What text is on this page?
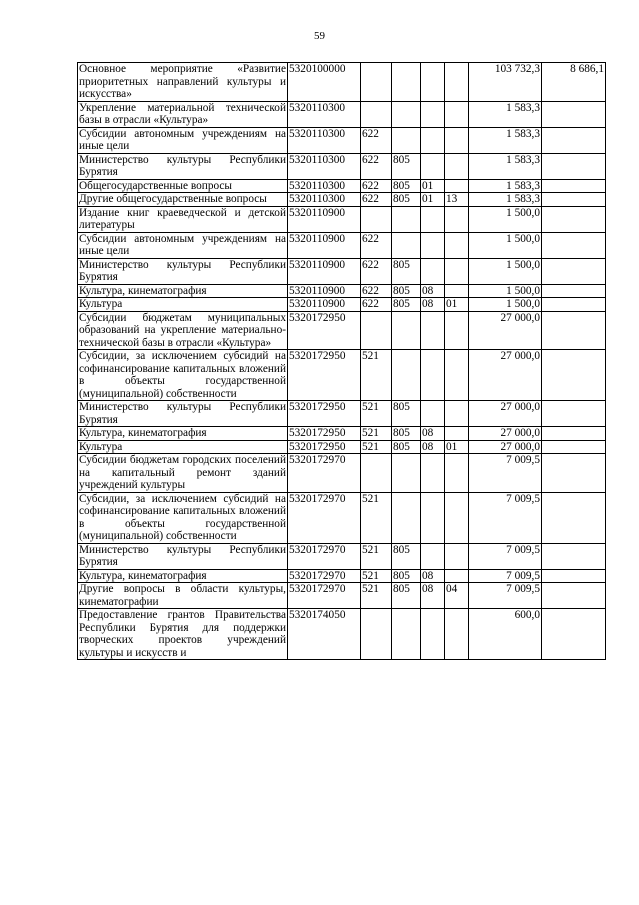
59
Основное мероприятие «Развитие приоритетных направлений культуры и искусства»	5320100000					103 732,3	8 686,1
Укрепление материальной технической базы в отрасли «Культура»	5320110300					1 583,3	
Субсидии автономным учреждениям на иные цели	5320110300	622				1 583,3	
Министерство культуры Республики Бурятия	5320110300	622	805			1 583,3	
Общегосударственные вопросы	5320110300	622	805	01		1 583,3	
Другие общегосударственные вопросы	5320110300	622	805	01	13	1 583,3	
Издание книг краеведческой и детской литературы	5320110900					1 500,0	
Субсидии автономным учреждениям на иные цели	5320110900	622				1 500,0	
Министерство культуры Республики Бурятия	5320110900	622	805			1 500,0	
Культура, кинематография	5320110900	622	805	08		1 500,0	
Культура	5320110900	622	805	08	01	1 500,0	
Субсидии бюджетам муниципальных образований на укрепление материально-технической базы в отрасли «Культура»	5320172950					27 000,0	
Субсидии, за исключением субсидий на софинансирование капитальных вложений в объекты государственной (муниципальной) собственности	5320172950	521				27 000,0	
Министерство культуры Республики Бурятия	5320172950	521	805			27 000,0	
Культура, кинематография	5320172950	521	805	08		27 000,0	
Культура	5320172950	521	805	08	01	27 000,0	
Субсидии бюджетам городских поселений на капитальный ремонт зданий учреждений культуры	5320172970					7 009,5	
Субсидии, за исключением субсидий на софинансирование капитальных вложений в объекты государственной (муниципальной) собственности	5320172970	521				7 009,5	
Министерство культуры Республики Бурятия	5320172970	521	805			7 009,5	
Культура, кинематография	5320172970	521	805	08		7 009,5	
Другие вопросы в области культуры, кинематографии	5320172970	521	805	08	04	7 009,5	
Предоставление грантов Правительства Республики Бурятия для поддержки творческих проектов учреждений культуры и искусств и	5320174050					600,0	
